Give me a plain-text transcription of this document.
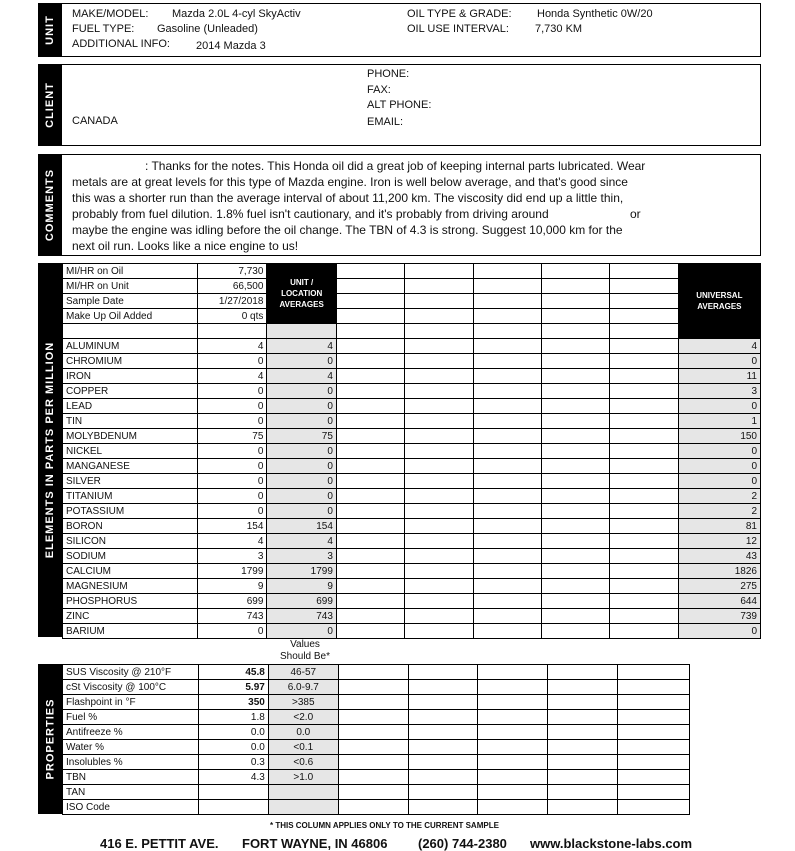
UNIT
MAKE/MODEL: Mazda 2.0L 4-cyl SkyActiv
FUEL TYPE: Gasoline (Unleaded)
ADDITIONAL INFO: 2014 Mazda 3
OIL TYPE & GRADE: Honda Synthetic 0W/20
OIL USE INTERVAL: 7,730 KM
CLIENT CANADA
PHONE:
FAX:
ALT PHONE:
EMAIL:
COMMENTS
: Thanks for the notes. This Honda oil did a great job of keeping internal parts lubricated. Wear
metals are at great levels for this type of Mazda engine. Iron is well below average, and that's good since
this was a shorter run than the average interval of about 11,200 km. The viscosity did end up a little thin,
probably from fuel dilution. 1.8% fuel isn't cautionary, and it's probably from driving around	or
maybe the engine was idling before the oil change. The TBN of 4.3 is strong. Suggest 10,000 km for the
next oil run. Looks like a nice engine to us!
ELEMENTS IN PARTS PER MILLION
MI/HR on Oil	7,730	UNIT / LOCATION AVERAGES						UNIVERSAL AVERAGES
MI/HR on Unit	66,500							
Sample Date	1/27/2018							
Make Up Oil Added	0 qts							

ALUMINUM	4	4						4
CHROMIUM	0	0						0
IRON	4	4						11
COPPER	0	0						3
LEAD	0	0						0
TIN	0	0						1
MOLYBDENUM	75	75						150
NICKEL	0	0						0
MANGANESE	0	0						0
SILVER	0	0						0
TITANIUM	0	0						2
POTASSIUM	0	0						2
BORON	154	154						81
SILICON	4	4						12
SODIUM	3	3						43
CALCIUM	1799	1799						1826
MAGNESIUM	9	9						275
PHOSPHORUS	699	699						644
ZINC	743	743						739
BARIUM	0	0						0
Values Should Be*
PROPERTIES
SUS Viscosity @ 210°F	45.8	46-57					
cSt Viscosity @ 100°C	5.97	6.0-9.7					
Flashpoint in °F	350	>385					
Fuel %	1.8	<2.0					
Antifreeze %	0.0	0.0					
Water %	0.0	<0.1					
Insolubles %	0.3	<0.6					
TBN	4.3	>1.0					
TAN							
ISO Code							
* THIS COLUMN APPLIES ONLY TO THE CURRENT SAMPLE
416 E. PETTIT AVE. FORT WAYNE, IN 46806 (260) 744-2380 www.blackstone-labs.com
